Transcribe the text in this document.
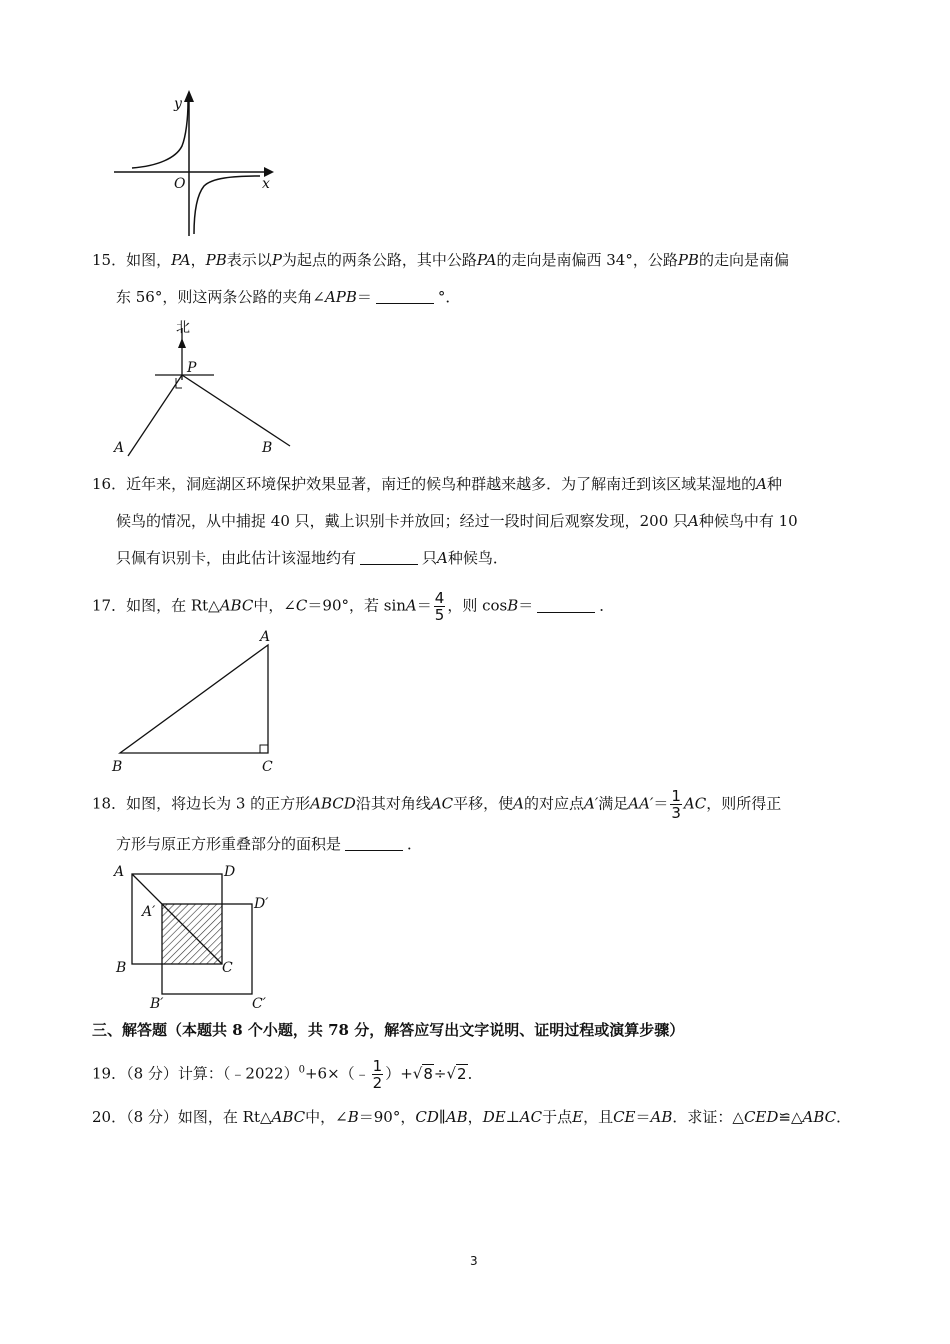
y
x
O
15．如图，PA，PB表示以P为起点的两条公路，其中公路PA的走向是南偏西 34°，公路PB的走向是南偏
东 56°，则这两条公路的夹角∠APB＝	°．
北
P
A	B
16．近年来，洞庭湖区环境保护效果显著，南迁的候鸟种群越来越多．为了解南迁到该区域某湿地的A种
候鸟的情况，从中捕捉 40 只，戴上识别卡并放回；经过一段时间后观察发现，200 只A种候鸟中有 10
只佩有识别卡，由此估计该湿地约有	只A种候鸟．
17．如图，在 Rt△ABC中，∠C＝90°，若 $\sin A= \frac{4}{5}$ ，则 cosB＝	．
A
B	C
18．如图，将边长为 3 的正方形ABCD沿其对角线AC平移，使A的对应点A′满足$AA'= \frac{1}{3}$ AC，则所得正
方形与原正方形重叠部分的面积是	．
A	D
A′	D′
B	C
B′	C′
三、解答题（本题共 8 个小题，共 78 分，解答应写出文字说明、证明过程或演算步骤）
19．（8 分）计算：（﹣2022）$^0$+6×（﹣ $\frac{1}{2} )+√8\div√2$．
20．（8 分）如图，在 Rt△ABC中，∠B＝90°，CD∥AB，DE⊥AC于点E，且CE＝AB．求证：△CED≌△ABC．
3
